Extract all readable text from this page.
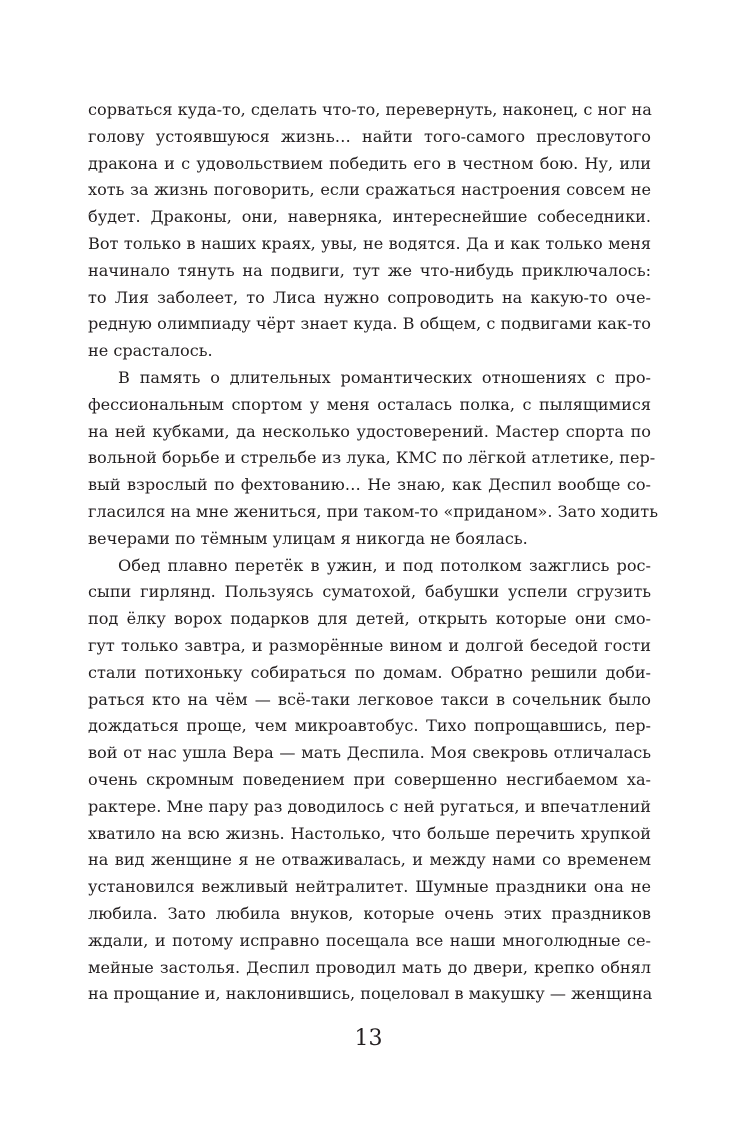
сорваться куда-то, сделать что-то, перевернуть, наконец, с ног на
голову устоявшуюся жизнь… найти того-самого пресловутого
дракона и с удовольствием победить его в честном бою. Ну, или
хоть за жизнь поговорить, если сражаться настроения совсем не
будет. Драконы, они, наверняка, интереснейшие собеседники.
Вот только в наших краях, увы, не водятся. Да и как только меня
начинало тянуть на подвиги, тут же что-нибудь приключалось:
то Лия заболеет, то Лиса нужно сопроводить на какую-то оче-
редную олимпиаду чёрт знает куда. В общем, с подвигами как-то
не срасталось.
В память о длительных романтических отношениях с про-
фессиональным спортом у меня осталась полка, с пылящимися
на ней кубками, да несколько удостоверений. Мастер спорта по
вольной борьбе и стрельбе из лука, КМС по лёгкой атлетике, пер-
вый взрослый по фехтованию… Не знаю, как Деспил вообще со-
гласился на мне жениться, при таком-то «приданом». Зато ходить
вечерами по тёмным улицам я никогда не боялась.
Обед плавно перетёк в ужин, и под потолком зажглись рос-
сыпи гирлянд. Пользуясь суматохой, бабушки успели сгрузить
под ёлку ворох подарков для детей, открыть которые они смо-
гут только завтра, и разморённые вином и долгой беседой гости
стали потихоньку собираться по домам. Обратно решили доби-
раться кто на чём — всё-таки легковое такси в сочельник было
дождаться проще, чем микроавтобус. Тихо попрощавшись, пер-
вой от нас ушла Вера — мать Деспила. Моя свекровь отличалась
очень скромным поведением при совершенно несгибаемом ха-
рактере. Мне пару раз доводилось с ней ругаться, и впечатлений
хватило на всю жизнь. Настолько, что больше перечить хрупкой
на вид женщине я не отваживалась, и между нами со временем
установился вежливый нейтралитет. Шумные праздники она не
любила. Зато любила внуков, которые очень этих праздников
ждали, и потому исправно посещала все наши многолюдные се-
мейные застолья. Деспил проводил мать до двери, крепко обнял
на прощание и, наклонившись, поцеловал в макушку — женщина
13
